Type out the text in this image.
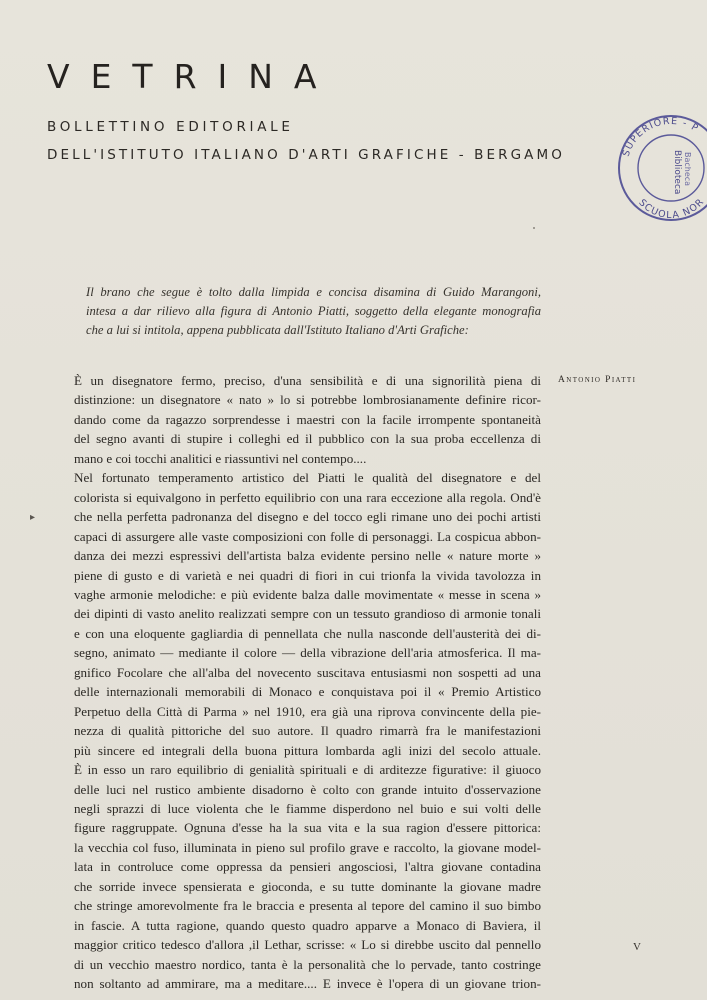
VETRINA
BOLLETTINO EDITORIALE
DELL'ISTITUTO ITALIANO D'ARTI GRAFICHE - BERGAMO	SUPERIORE - P
SCUOLA NOR
Biblioteca Bacheca
Il brano che segue è tolto dalla limpida e concisa disamina di Guido Marangoni,
intesa a dar rilievo alla figura di Antonio Piatti, soggetto della elegante monografia
che a lui si intitola, appena pubblicata dall'Istituto Italiano d'Arti Grafiche:
Antonio Piatti
▸
È un disegnatore fermo, preciso, d'una sensibilità e di una signorilità piena di
distinzione: un disegnatore « nato » lo si potrebbe lombrosianamente definire ricor-
dando come da ragazzo sorprendesse i maestri con la facile irrompente spontaneità
del segno avanti di stupire i colleghi ed il pubblico con la sua proba eccellenza di
mano e coi tocchi analitici e riassuntivi nel contempo....
Nel fortunato temperamento artistico del Piatti le qualità del disegnatore e del
colorista si equivalgono in perfetto equilibrio con una rara eccezione alla regola. Ond'è
che nella perfetta padronanza del disegno e del tocco egli rimane uno dei pochi artisti
capaci di assurgere alle vaste composizioni con folle di personaggi. La cospicua abbon-
danza dei mezzi espressivi dell'artista balza evidente persino nelle « nature morte »
piene di gusto e di varietà e nei quadri di fiori in cui trionfa la vivida tavolozza in
vaghe armonie melodiche: e più evidente balza dalle movimentate « messe in scena »
dei dipinti di vasto anelito realizzati sempre con un tessuto grandioso di armonie tonali
e con una eloquente gagliardia di pennellata che nulla nasconde dell'austerità dei di-
segno, animato — mediante il colore — della vibrazione dell'aria atmosferica. Il ma-
gnifico Focolare che all'alba del novecento suscitava entusiasmi non sospetti ad una
delle internazionali memorabili di Monaco e conquistava poi il « Premio Artistico
Perpetuo della Città di Parma » nel 1910, era già una riprova convincente della pie-
nezza di qualità pittoriche del suo autore. Il quadro rimarrà fra le manifestazioni
più sincere ed integrali della buona pittura lombarda agli inizi del secolo attuale.
È in esso un raro equilibrio di genialità spirituali e di arditezze figurative: il giuoco
delle luci nel rustico ambiente disadorno è colto con grande intuito d'osservazione
negli sprazzi di luce violenta che le fiamme disperdono nel buio e sui volti delle
figure raggruppate. Ognuna d'esse ha la sua vita e la sua ragion d'essere pittorica:
la vecchia col fuso, illuminata in pieno sul profilo grave e raccolto, la giovane model-
lata in controluce come oppressa da pensieri angosciosi, l'altra giovane contadina
che sorride invece spensierata e gioconda, e su tutte dominante la giovane madre
che stringe amorevolmente fra le braccia e presenta al tepore del camino il suo bimbo
in fascie. A tutta ragione, quando questo quadro apparve a Monaco di Baviera, il
maggior critico tedesco d'allora ,il Lethar, scrisse: « Lo si direbbe uscito dal pennello
di un vecchio maestro nordico, tanta è la personalità che lo pervade, tanto costringe
non soltanto ad ammirare, ma a meditare.... E invece è l'opera di un giovane trion-
V
